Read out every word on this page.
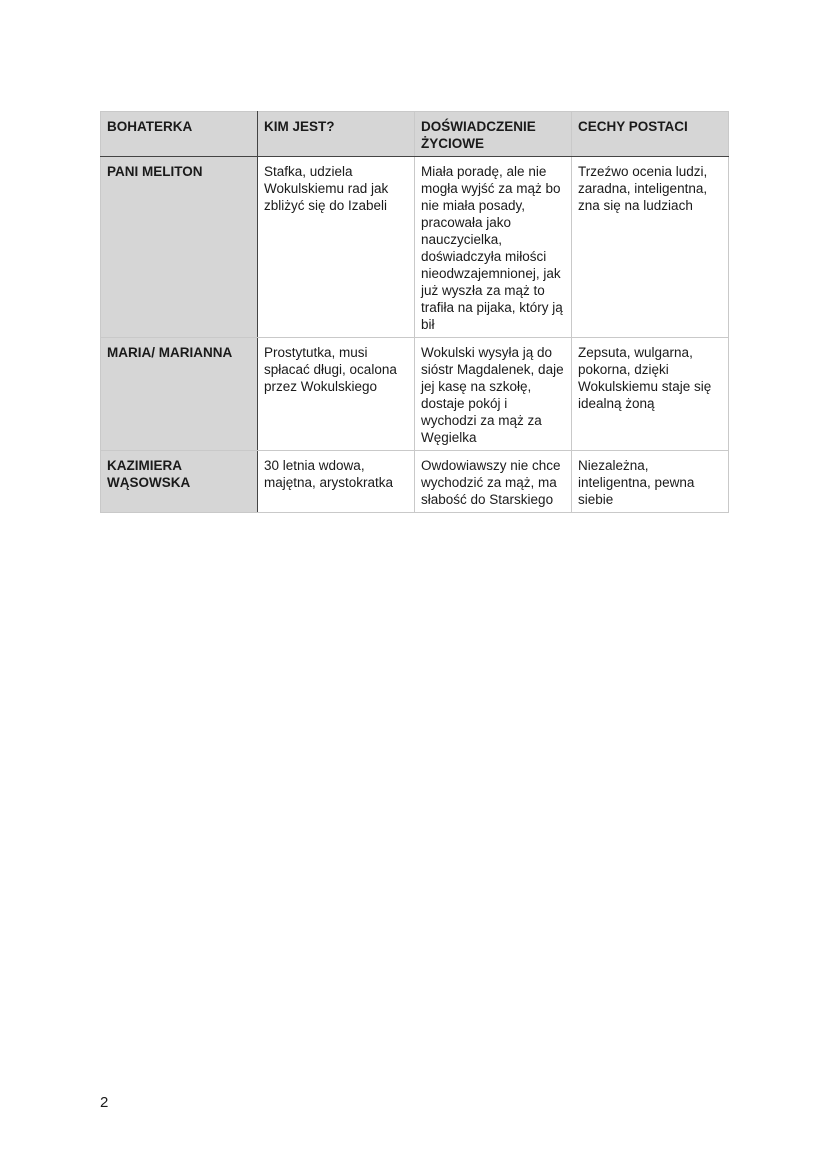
BOHATERKA	KIM JEST?	DOŚWIADCZENIE ŻYCIOWE	CECHY POSTACI
PANI MELITON	Stafka, udziela Wokulskiemu rad jak zbliżyć się do Izabeli	Miała poradę, ale nie mogła wyjść za mąż bo nie miała posady, pracowała jako nauczycielka, doświadczyła miłości nieodwzajemnionej, jak już wyszła za mąż to trafiła na pijaka, który ją bił	Trzeźwo ocenia ludzi, zaradna, inteligentna, zna się na ludziach
MARIA/ MARIANNA	Prostytutka, musi spłacać długi, ocalona przez Wokulskiego	Wokulski wysyła ją do sióstr Magdalenek, daje jej kasę na szkołę, dostaje pokój i wychodzi za mąż za Węgielka	Zepsuta, wulgarna, pokorna, dzięki Wokulskiemu staje się idealną żoną
KAZIMIERA WĄSOWSKA	30 letnia wdowa, majętna, arystokratka	Owdowiawszy nie chce wychodzić za mąż, ma słabość do Starskiego	Niezależna, inteligentna, pewna siebie
2
